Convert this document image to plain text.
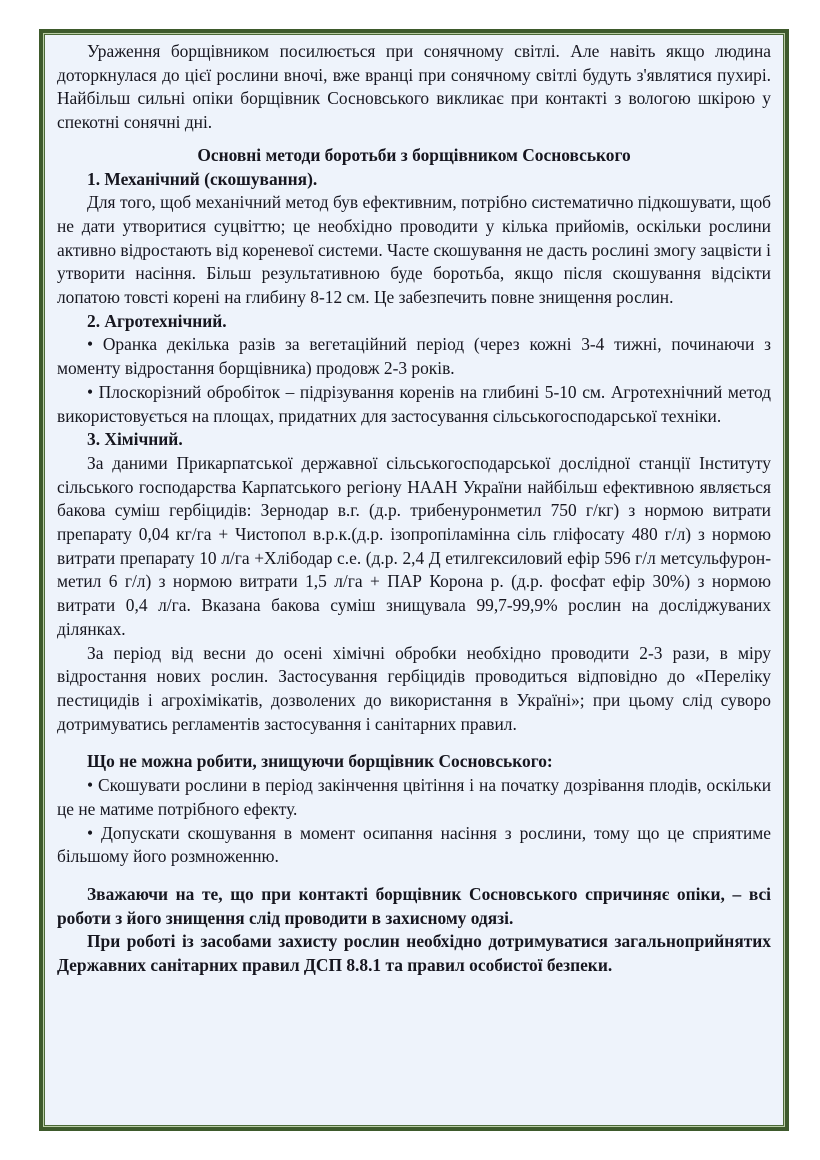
Ураження борщівником посилюється при сонячному світлі. Але навіть якщо людина доторкнулася до цієї рослини вночі, вже вранці при сонячному світлі будуть з'являтися пухирі. Найбільш сильні опіки борщівник Сосновського викликає при контакті з вологою шкірою у спекотні сонячні дні.

Основні методи боротьби з борщівником Сосновського

1. Механічний (скошування).

Для того, щоб механічний метод був ефективним, потрібно систематично підкошувати, щоб не дати утворитися суцвіттю; це необхідно проводити у кілька прийомів, оскільки рослини активно відростають від кореневої системи. Часте скошування не дасть рослині змогу зацвісти і утворити насіння. Більш результативною буде боротьба, якщо після скошування відсікти лопатою товсті корені на глибину 8-12 см. Це забезпечить повне знищення рослин.

2. Агротехнічний.

• Оранка декілька разів за вегетаційний період (через кожні 3-4 тижні, починаючи з моменту відростання борщівника) продовж 2-3 років.

• Плоскорізний обробіток – підрізування коренів на глибині 5-10 см. Агротехнічний метод використовується на площах, придатних для застосування сільськогосподарської техніки.

3. Хімічний.

За даними Прикарпатської державної сільськогосподарської дослідної станції Інституту сільського господарства Карпатського регіону НААН України найбільш ефективною являється бакова суміш гербіцидів: Зернодар в.г. (д.р. трибенуронметил 750 г/кг) з нормою витрати препарату 0,04 кг/га + Чистопол в.р.к.(д.р. ізопропіламінна сіль гліфосату 480 г/л) з нормою витрати препарату 10 л/га +Хлібодар с.е. (д.р. 2,4 Д етилгексиловий ефір 596 г/л метсульфурон-метил 6 г/л) з нормою витрати 1,5 л/га + ПАР Корона р. (д.р. фосфат ефір 30%) з нормою витрати 0,4 л/га. Вказана бакова суміш знищувала 99,7-99,9% рослин на досліджуваних ділянках.

За період від весни до осені хімічні обробки необхідно проводити 2-3 рази, в міру відростання нових рослин. Застосування гербіцидів проводиться відповідно до «Переліку пестицидів і агрохімікатів, дозволених до використання в Україні»; при цьому слід суворо дотримуватись регламентів застосування і санітарних правил.

Що не можна робити, знищуючи борщівник Сосновського:

• Скошувати рослини в період закінчення цвітіння і на початку дозрівання плодів, оскільки це не матиме потрібного ефекту.

• Допускати скошування в момент осипання насіння з рослини, тому що це сприятиме більшому його розмноженню.

Зважаючи на те, що при контакті борщівник Сосновського спричиняє опіки, – всі роботи з його знищення слід проводити в захисному одязі.

При роботі із засобами захисту рослин необхідно дотримуватися загальноприйнятих Державних санітарних правил ДСП 8.8.1 та правил особистої безпеки.
